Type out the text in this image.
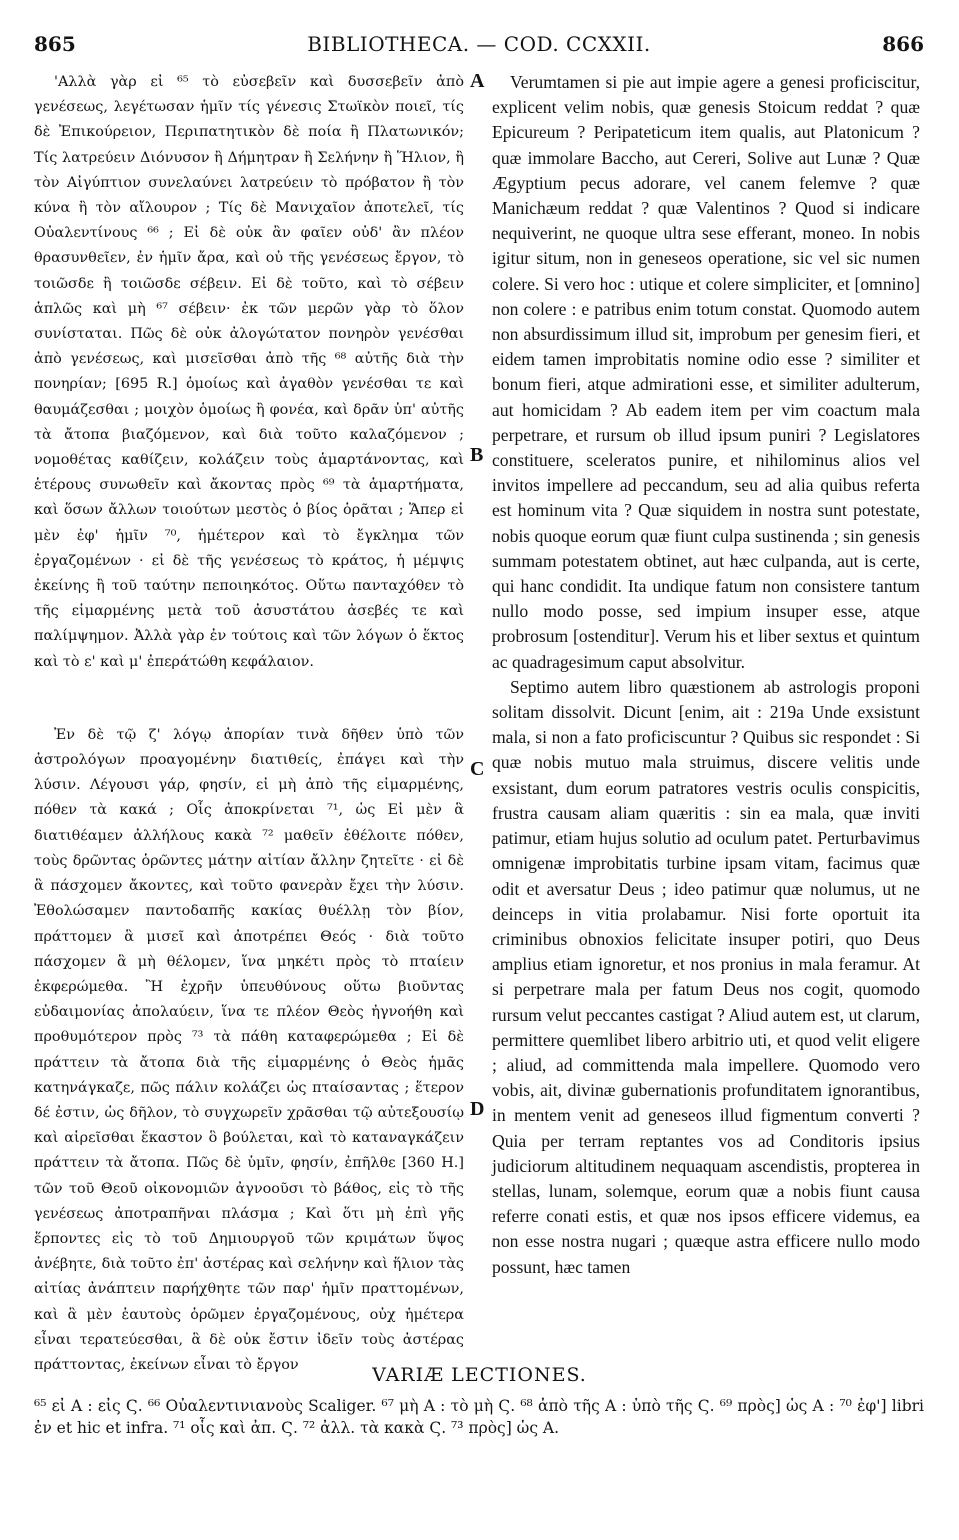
865	BIBLIOTHECA. — COD. CCXXII.	866

'Αλλὰ γὰρ εἰ ⁶⁵ τὸ εὐσεβεῖν καὶ δυσσεβεῖν ἀπὸ γενέσεως, λεγέτωσαν ἡμῖν τίς γένεσις Στωϊκὸν ποιεῖ, τίς δὲ Ἐπικούρειον, Περιπατητικὸν δὲ ποία ἢ Πλατωνικόν; Τίς λατρεύειν Διόνυσον ἢ Δήμητραν ἢ Σελήνην ἢ Ἥλιον, ἢ τὸν Αἰγύπτιον συνελαύνει λατρεύειν τὸ πρόβατον ἢ τὸν κύνα ἢ τὸν αἴλουρον ; Τίς δὲ Μανιχαῖον ἀποτελεῖ, τίς Οὐαλεντίνους ⁶⁶ ; Εἰ δὲ οὐκ ἂν φαῖεν οὐδ' ἂν πλέον θρασυνθεῖεν, ἐν ἡμῖν ἄρα, καὶ οὐ τῆς γενέσεως ἔργον, τὸ τοιῶσδε ἢ τοιῶσδε σέβειν. Εἰ δὲ τοῦτο, καὶ τὸ σέβειν ἁπλῶς καὶ μὴ ⁶⁷ σέβειν· ἐκ τῶν μερῶν γὰρ τὸ ὅλον συνίσταται. Πῶς δὲ οὐκ ἀλογώτατον πονηρὸν γενέσθαι ἀπὸ γενέσεως, καὶ μισεῖσθαι ἀπὸ τῆς ⁶⁸ αὐτῆς διὰ τὴν πονηρίαν; [695 R.] ὁμοίως καὶ ἀγαθὸν γενέσθαι τε καὶ θαυμάζεσθαι ; μοιχὸν ὁμοίως ἢ φονέα, καὶ δρᾶν ὑπ' αὐτῆς τὰ ἄτοπα βιαζόμενον, καὶ διὰ τοῦτο καλαζόμενον ; νομοθέτας καθίζειν, κολάζειν τοὺς ἁμαρτάνοντας, καὶ ἑτέρους συνωθεῖν καὶ ἄκοντας πρὸς ⁶⁹ τὰ ἁμαρτήματα, καὶ ὅσων ἄλλων τοιούτων μεστὸς ὁ βίος ὁρᾶται ; Ἅπερ εἰ μὲν ἐφ' ἡμῖν ⁷⁰, ἡμέτερον καὶ τὸ ἔγκλημα τῶν ἐργαζομένων · εἰ δὲ τῆς γενέσεως τὸ κράτος, ἡ μέμψις ἐκείνης ἢ τοῦ ταύτην πεποιηκότος. Οὕτω πανταχόθεν τὸ τῆς εἱμαρμένης μετὰ τοῦ ἀσυστάτου ἀσεβές τε καὶ παλίμψημον. Ἀλλὰ γὰρ ἐν τούτοις καὶ τῶν λόγων ὁ ἕκτος καὶ τὸ ε' καὶ μ' ἐπεράτώθη κεφάλαιον.

Ἐν δὲ τῷ ζ' λόγῳ ἀπορίαν τινὰ δῆθεν ὑπὸ τῶν ἀστρολόγων προαγομένην διατιθείς, ἐπάγει καὶ τὴν λύσιν. Λέγουσι γάρ, φησίν, εἰ μὴ ἀπὸ τῆς εἱμαρμένης, πόθεν τὰ κακά ; Οἷς ἀποκρίνεται ⁷¹, ὡς Εἰ μὲν ἃ διατιθέαμεν ἀλλήλους κακὰ ⁷² μαθεῖν ἐθέλοιτε πόθεν, τοὺς δρῶντας ὁρῶντες μάτην αἰτίαν ἄλλην ζητεῖτε · εἰ δὲ ἃ πάσχομεν ἄκοντες, καὶ τοῦτο φανερὰν ἔχει τὴν λύσιν. Ἐθολώσαμεν παντοδαπῆς κακίας θυέλλῃ τὸν βίον, πράττομεν ἃ μισεῖ καὶ ἀποτρέπει Θεός · διὰ τοῦτο πάσχομεν ἃ μὴ θέλομεν, ἵνα μηκέτι πρὸς τὸ πταίειν ἐκφερώμεθα. Ἢ ἐχρῆν ὑπευθύνους οὕτω βιοῦντας εὐδαιμονίας ἀπολαύειν, ἵνα τε πλέον Θεὸς ἠγνοήθη καὶ προθυμότερον πρὸς ⁷³ τὰ πάθη καταφερώμεθα ; Εἰ δὲ πράττειν τὰ ἄτοπα διὰ τῆς εἱμαρμένης ὁ Θεὸς ἡμᾶς κατηνάγκαζε, πῶς πάλιν κολάζει ὡς πταίσαντας ; ἕτερον δέ ἐστιν, ὡς δῆλον, τὸ συγχωρεῖν χρᾶσθαι τῷ αὐτεξουσίῳ καὶ αἱρεῖσθαι ἕκαστον ὃ βούλεται, καὶ τὸ καταναγκάζειν πράττειν τὰ ἄτοπα. Πῶς δὲ ὑμῖν, φησίν, ἐπῆλθε [360 Η.] τῶν τοῦ Θεοῦ οἰκονομιῶν ἀγνοοῦσι τὸ βάθος, εἰς τὸ τῆς γενέσεως ἀποτραπῆναι πλάσμα ; Καὶ ὅτι μὴ ἐπὶ γῆς ἕρποντες εἰς τὸ τοῦ Δημιουργοῦ τῶν κριμάτων ὕψος ἀνέβητε, διὰ τοῦτο ἐπ' ἀστέρας καὶ σελήνην καὶ ἥλιον τὰς αἰτίας ἀνάπτειν παρήχθητε τῶν παρ' ἡμῖν πραττομένων, καὶ ἃ μὲν ἑαυτοὺς ὁρῶμεν ἐργαζομένους, οὐχ ἡμέτερα εἶναι τερατεύεσθαι, ἃ δὲ οὐκ ἔστιν ἰδεῖν τοὺς ἀστέρας πράττοντας, ἐκείνων εἶναι τὸ ἔργον

Verumtamen si pie aut impie agere a genesi proficiscitur, explicent velim nobis, quæ genesis Stoicum reddat ? quæ Epicureum ? Peripateticum item qualis, aut Platonicum ? quæ immolare Baccho, aut Cereri, Solive aut Lunæ ? Quæ Ægyptium pecus adorare, vel canem felemve ? quæ Manichæum reddat ? quæ Valentinos ? Quod si indicare nequiverint, ne quoque ultra sese efferant, moneo. In nobis igitur situm, non in geneseos operatione, sic vel sic numen colere. Si vero hoc : utique et colere simpliciter, et [omnino] non colere : e patribus enim totum constat. Quomodo autem non absurdissimum illud sit, improbum per genesim fieri, et eidem tamen improbitatis nomine odio esse ? similiter et bonum fieri, atque admirationi esse, et similiter adulterum, aut homicidam ? Ab eadem item per vim coactum mala perpetrare, et rursum ob illud ipsum puniri ? Legislatores constituere, sceleratos punire, et nihilominus alios vel invitos impellere ad peccandum, seu ad alia quibus referta est hominum vita ? Quæ siquidem in nostra sunt potestate, nobis quoque eorum quæ fiunt culpa sustinenda ; sin genesis summam potestatem obtinet, aut hæc culpanda, aut is certe, qui hanc condidit. Ita undique fatum non consistere tantum nullo modo posse, sed impium insuper esse, atque probrosum [ostenditur]. Verum his et liber sextus et quintum ac quadragesimum caput absolvitur.

Septimo autem libro quæstionem ab astrologis proponi solitam dissolvit. Dicunt [enim, ait : 219a Unde exsistunt mala, si non a fato proficiscuntur ? Quibus sic respondet : Si quæ nobis mutuo mala struimus, discere velitis unde exsistant, dum eorum patratores vestris oculis conspicitis, frustra causam aliam quæritis : sin ea mala, quæ inviti patimur, etiam hujus solutio ad oculum patet. Perturbavimus omnigenæ improbitatis turbine ipsam vitam, facimus quæ odit et aversatur Deus ; ideo patimur quæ nolumus, ut ne deinceps in vitia prolabamur. Nisi forte oportuit ita criminibus obnoxios felicitate insuper potiri, quo Deus amplius etiam ignoretur, et nos pronius in mala feramur. At si perpetrare mala per fatum Deus nos cogit, quomodo rursum velut peccantes castigat ? Aliud autem est, ut clarum, permittere quemlibet libero arbitrio uti, et quod velit eligere ; aliud, ad committenda mala impellere. Quomodo vero vobis, ait, divinæ gubernationis profunditatem ignorantibus, in mentem venit ad geneseos illud figmentum converti ? Quia per terram reptantes vos ad Conditoris ipsius judiciorum altitudinem nequaquam ascendistis, propterea in stellas, lunam, solemque, eorum quæ a nobis fiunt causa referre conati estis, et quæ nos ipsos efficere videmus, ea non esse nostra nugari ; quæque astra efficere nullo modo possunt, hæc tamen

A
B
C
D
VARIÆ LECTIONES.
⁶⁵ εἰ A : εἰς Ϛ. ⁶⁶ Οὐαλεντινιανοὺς Scaliger. ⁶⁷ μὴ A : τὸ μὴ Ϛ. ⁶⁸ ἀπὸ τῆς A : ὑπὸ τῆς Ϛ. ⁶⁹ πρὸς] ὡς A : ⁷⁰ ἐφ'] libri ἐν et hic et infra. ⁷¹ οἷς καὶ ἀπ. Ϛ. ⁷² ἀλλ. τὰ κακὰ Ϛ. ⁷³ πρὸς] ὡς A.
